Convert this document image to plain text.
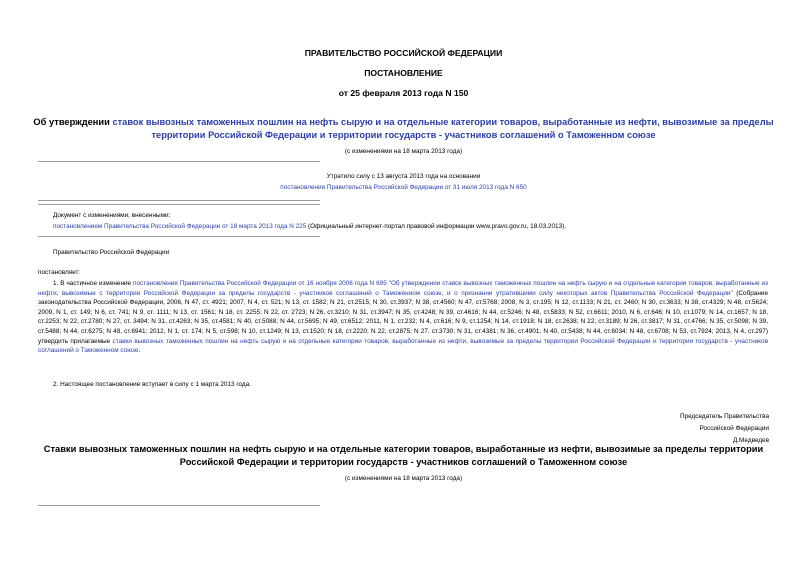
ПРАВИТЕЛЬСТВО РОССИЙСКОЙ ФЕДЕРАЦИИ
ПОСТАНОВЛЕНИЕ
от 25 февраля 2013 года N 150
Об утверждении ставок вывозных таможенных пошлин на нефть сырую и на отдельные категории товаров, выработанные из нефти, вывозимые за пределы
территории Российской Федерации и территории государств - участников соглашений о Таможенном союзе
(с изменениями на 18 марта 2013 года)
Утратило силу с 13 августа 2013 года на основании
постановления Правительства Российской Федерации от 31 июля 2013 года N 650
Документ с изменениями, внесенными:
постановлением Правительства Российской Федерации от 18 марта 2013 года N 225 (Официальный интернет-портал правовой информации www.pravo.gov.ru, 18.03.2013).
Правительство Российской Федерации
постановляет:
1. В частичное изменение постановления Правительства Российской Федерации от 16 ноября 2006 года N 695 "Об утверждении ставок вывозных таможенных пошлин на нефть сырую и на отдельные категории товаров, выработанные из нефти, вывозимые с территории Российской Федерации за пределы государств - участников соглашений о Таможенном союзе, и о признании утратившими силу некоторых актов Правительства Российской Федерации" (Собрание законодательства Российской Федерации, 2006, N 47, ст. 4921; 2007, N 4, ст. 521; N 13, ст. 1582; N 21, ст.2515; N 30, ст.3937; N 38, ст.4560; N 47, ст.5768; 2008, N 3, ст.195; N 12, ст.1133; N 21, ст. 2460; N 30, ст.3633; N 38, ст.4329; N 48, ст.5624; 2009, N 1, ст. 149; N 6, ст. 741; N 9, ст. 1111; N 13, ст. 1561; N 18, ст. 2255; N 22, ст. 2723; N 26, ст.3210; N 31, ст.3947; N 35, ст.4248; N 39, ст.4616; N 44, ст.5246; N 48, ст.5833; N 52, ст.6611; 2010, N 6, ст.646; N 10, ст.1079; N 14, ст.1657; N 18, ст.2253; N 22, ст.2780; N 27, ст. 3494; N 31, ст.4263; N 35, ст.4581; N 40, ст.5088; N 44, ст.5695; N 49, ст.6512; 2011, N 1, ст.232; N 4, ст.616; N 9, ст.1254; N 14, ст.1918; N 18, ст.2638; N 22, ст.3189; N 26, ст.3817; N 31, ст.4766; N 35, ст.5098; N 39, ст.5488; N 44, ст.6275; N 48, ст.6941; 2012, N 1, ст. 174; N 5, ст.598; N 10, ст.1249; N 13, ст.1520; N 18, ст.2220; N 22, ст.2875; N 27, ст.3730; N 31, ст.4381; N 36, ст.4901; N 40, ст.5438; N 44, ст.6034; N 48, ст.6708; N 53, ст.7924; 2013, N 4, ст.297) утвердить прилагаемые ставки вывозных таможенных пошлин на нефть сырую и на отдельные категории товаров, выработанные из нефти, вывозимые за пределы территории Российской Федерации и территории государств - участников соглашений о Таможенном союзе.
2. Настоящее постановление вступает в силу с 1 марта 2013 года.
Председатель Правительства
Российской Федерации
Д.Медведев
Ставки вывозных таможенных пошлин на нефть сырую и на отдельные категории товаров, выработанные из нефти, вывозимые за пределы территории
Российской Федерации и территории государств - участников соглашений о Таможенном союзе
(с изменениями на 18 марта 2013 года)
